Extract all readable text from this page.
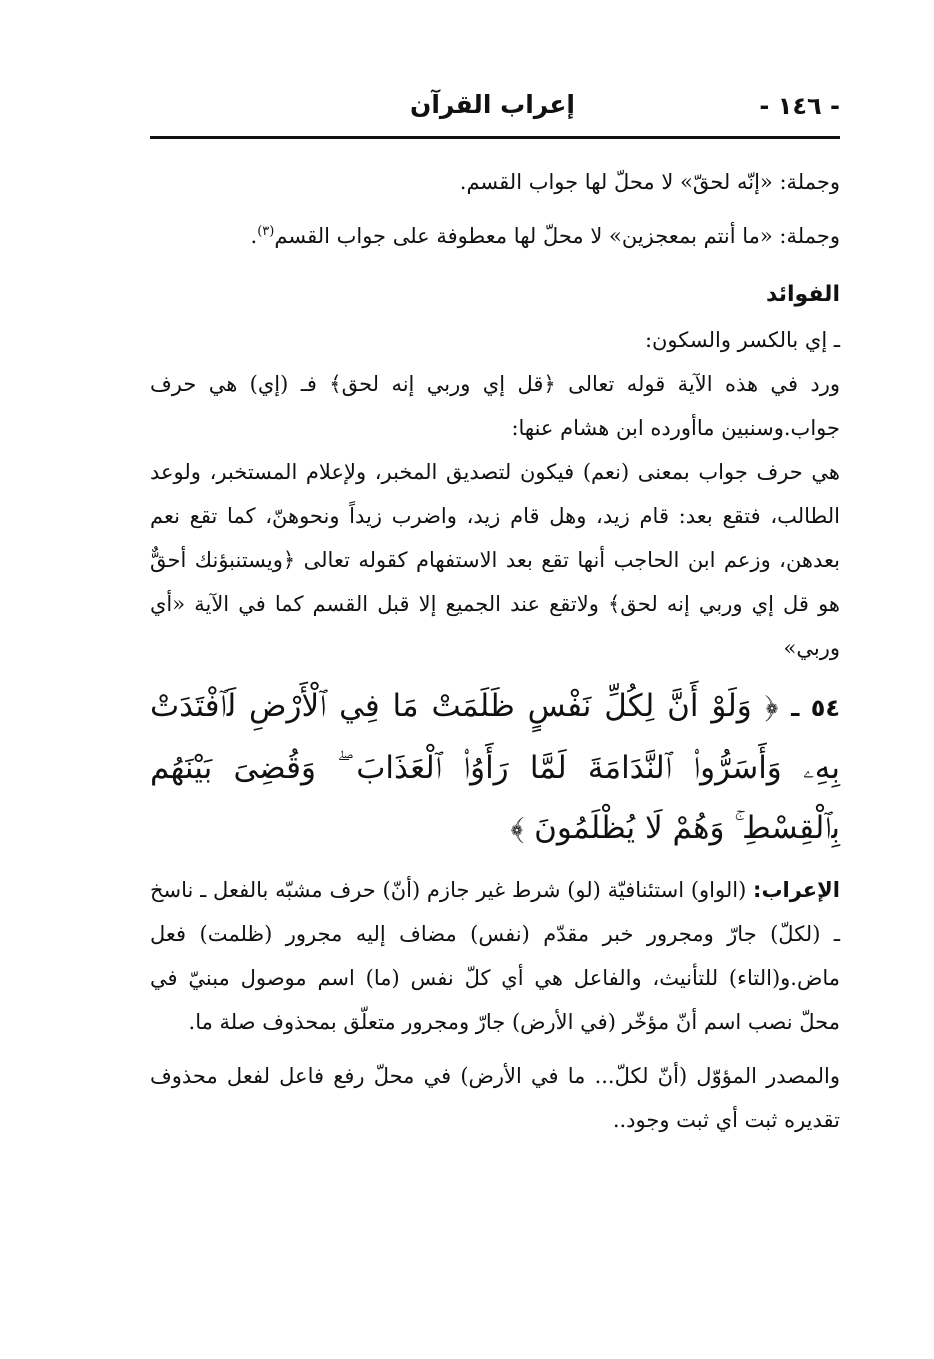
- ١٤٦ -
إعراب القرآن

وجملة: «إنّه لحقّ» لا محلّ لها جواب القسم.

وجملة: «ما أنتم بمعجزين» لا محلّ لها معطوفة على جواب القسم$^{(٣)}$.

الفوائد

ـ إي بالكسر والسكون:

ورد في هذه الآية قوله تعالى ﴿قل إي وربي إنه لحق﴾ فـ (إي) هي حرف جواب.وسنبين ماأورده ابن هشام عنها:

هي حرف جواب بمعنى (نعم) فيكون لتصديق المخبر، ولإعلام المستخبر، ولوعد الطالب، فتقع بعد: قام زيد، وهل قام زيد، واضرب زيداً ونحوهنّ، كما تقع نعم بعدهن، وزعم ابن الحاجب أنها تقع بعد الاستفهام كقوله تعالى ﴿ويستنبؤنك أحقٌّ هو قل إي وربي إنه لحق﴾ ولاتقع عند الجميع إلا قبل القسم كما في الآية «أي وربي»

٥٤ ـ ﴿ وَلَوْ أَنَّ لِكُلِّ نَفْسٍ ظَلَمَتْ مَا فِي ٱلْأَرْضِ لَٱفْتَدَتْ بِهِۦ وَأَسَرُّوا۟ ٱلنَّدَامَةَ لَمَّا رَأَوُا۟ ٱلْعَذَابَ ۖ وَقُضِىَ بَيْنَهُم بِٱلْقِسْطِ ۚ وَهُمْ لَا يُظْلَمُونَ ﴾

الإعراب: (الواو) استئنافيّة (لو) شرط غير جازم (أنّ) حرف مشبّه بالفعل ـ ناسخ ـ (لكلّ) جارّ ومجرور خبر مقدّم (نفس) مضاف إليه مجرور (ظلمت) فعل ماض.و(التاء) للتأنيث، والفاعل هي أي كلّ نفس (ما) اسم موصول مبنيّ في محلّ نصب اسم أنّ مؤخّر (في الأرض) جارّ ومجرور متعلّق بمحذوف صلة ما.

والمصدر المؤوّل (أنّ لكلّ... ما في الأرض) في محلّ رفع فاعل لفعل محذوف تقديره ثبت أي ثبت وجود..
